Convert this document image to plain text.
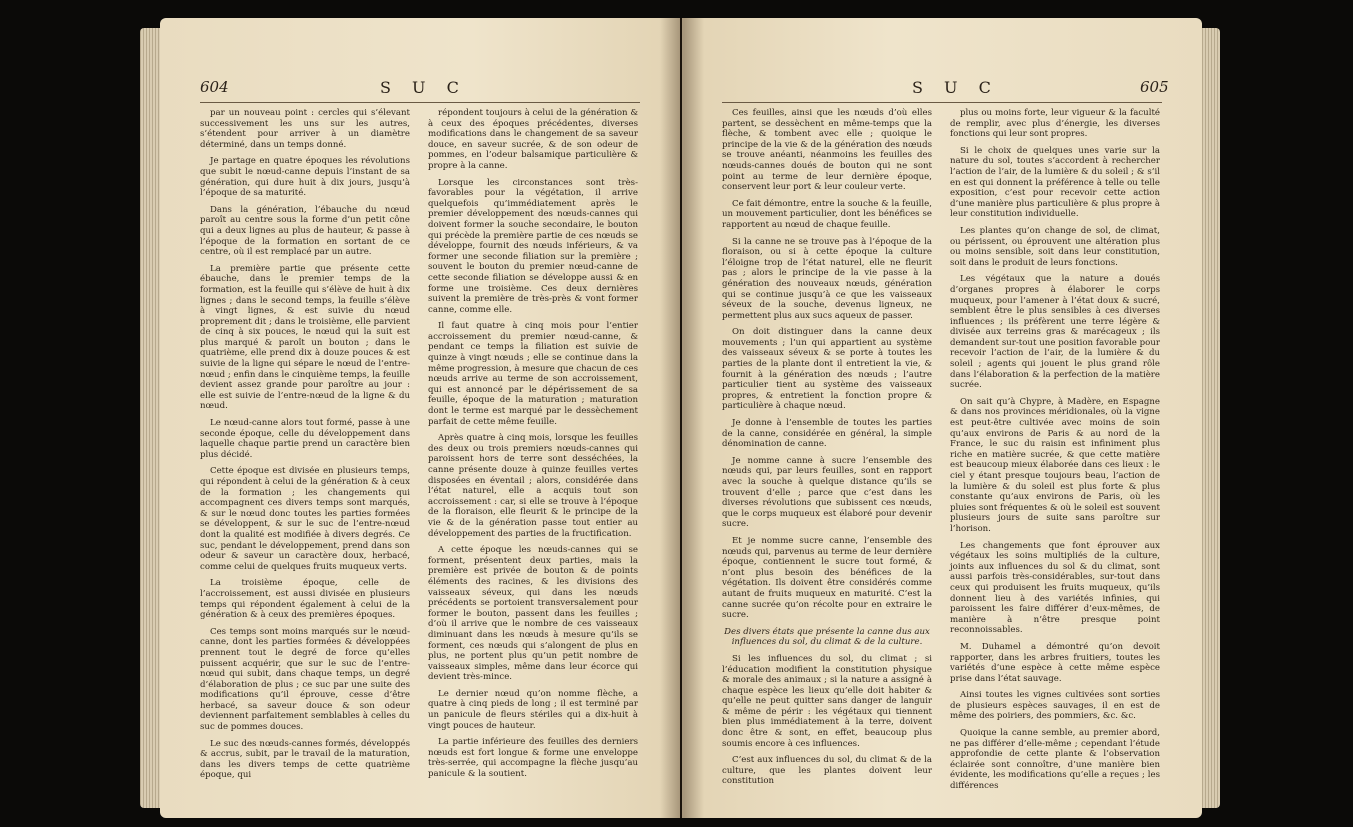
604	S U C

par un nouveau point : cercles qui s’élevant successivement les uns sur les autres, s’étendent pour arriver à un diamètre déterminé, dans un temps donné.

Je partage en quatre époques les révolutions que subit le nœud-canne depuis l’instant de sa génération, qui dure huit à dix jours, jusqu’à l’époque de sa maturité.

Dans la génération, l’ébauche du nœud paroît au centre sous la forme d’un petit cône qui a deux lignes au plus de hauteur, & passe à l’époque de la formation en sortant de ce centre, où il est remplacé par un autre.

La première partie que présente cette ébauche, dans le premier temps de la formation, est la feuille qui s’élève de huit à dix lignes ; dans le second temps, la feuille s’élève à vingt lignes, & est suivie du nœud proprement dit ; dans le troisième, elle parvient de cinq à six pouces, le nœud qui la suit est plus marqué & paroît un bouton ; dans le quatrième, elle prend dix à douze pouces & est suivie de la ligne qui sépare le nœud de l’entre-nœud ; enfin dans le cinquième temps, la feuille devient assez grande pour paroître au jour : elle est suivie de l’entre-nœud de la ligne & du nœud.

Le nœud-canne alors tout formé, passe à une seconde époque, celle du développement dans laquelle chaque partie prend un caractère bien plus décidé.

Cette époque est divisée en plusieurs temps, qui répondent à celui de la génération & à ceux de la formation ; les changements qui accompagnent ces divers temps sont marqués, & sur le nœud donc toutes les parties formées se développent, & sur le suc de l’entre-nœud dont la qualité est modifiée à divers degrés. Ce suc, pendant le développement, prend dans son odeur & saveur un caractère doux, herbacé, comme celui de quelques fruits muqueux verts.

La troisième époque, celle de l’accroissement, est aussi divisée en plusieurs temps qui répondent également à celui de la génération & à ceux des premières époques.

Ces temps sont moins marqués sur le nœud-canne, dont les parties formées & développées prennent tout le degré de force qu’elles puissent acquérir, que sur le suc de l’entre-nœud qui subit, dans chaque temps, un degré d’élaboration de plus ; ce suc par une suite des modifications qu’il éprouve, cesse d’être herbacé, sa saveur douce & son odeur deviennent parfaitement semblables à celles du suc de pommes douces.

Le suc des nœuds-cannes formés, développés & accrus, subit, par le travail de la maturation, dans les divers temps de cette quatrième époque, qui

répondent toujours à celui de la génération & à ceux des époques précédentes, diverses modifications dans le changement de sa saveur douce, en saveur sucrée, & de son odeur de pommes, en l’odeur balsamique particulière & propre à la canne.

Lorsque les circonstances sont très-favorables pour la végétation, il arrive quelquefois qu’immédiatement après le premier développement des nœuds-cannes qui doivent former la souche secondaire, le bouton qui précède la première partie de ces nœuds se développe, fournit des nœuds inférieurs, & va former une seconde filiation sur la première ; souvent le bouton du premier nœud-canne de cette seconde filiation se développe aussi & en forme une troisième. Ces deux dernières suivent la première de très-près & vont former canne, comme elle.

Il faut quatre à cinq mois pour l’entier accroissement du premier nœud-canne, & pendant ce temps la filiation est suivie de quinze à vingt nœuds ; elle se continue dans la même progression, à mesure que chacun de ces nœuds arrive au terme de son accroissement, qui est annoncé par le dépérissement de sa feuille, époque de la maturation ; maturation dont le terme est marqué par le dessèchement parfait de cette même feuille.

Après quatre à cinq mois, lorsque les feuilles des deux ou trois premiers nœuds-cannes qui paroissent hors de terre sont desséchées, la canne présente douze à quinze feuilles vertes disposées en éventail ; alors, considérée dans l’état naturel, elle a acquis tout son accroissement : car, si elle se trouve à l’époque de la floraison, elle fleurit & le principe de la vie & de la génération passe tout entier au développement des parties de la fructification.

A cette époque les nœuds-cannes qui se forment, présentent deux parties, mais la première est privée de bouton & de points éléments des racines, & les divisions des vaisseaux séveux, qui dans les nœuds précédents se portoient transversalement pour former le bouton, passent dans les feuilles ; d’où il arrive que le nombre de ces vaisseaux diminuant dans les nœuds à mesure qu’ils se forment, ces nœuds qui s’alongent de plus en plus, ne portent plus qu’un petit nombre de vaisseaux simples, même dans leur écorce qui devient très-mince.

Le dernier nœud qu’on nomme flèche, a quatre à cinq pieds de long ; il est terminé par un panicule de fleurs stériles qui a dix-huit à vingt pouces de hauteur.

La partie inférieure des feuilles des derniers nœuds est fort longue & forme une enveloppe très-serrée, qui accompagne la flèche jusqu’au panicule & la soutient.

S U C	605

Ces feuilles, ainsi que les nœuds d’où elles partent, se dessèchent en même-temps que la flèche, & tombent avec elle ; quoique le principe de la vie & de la génération des nœuds se trouve anéanti, néanmoins les feuilles des nœuds-cannes doués de bouton qui ne sont point au terme de leur dernière époque, conservent leur port & leur couleur verte.

Ce fait démontre, entre la souche & la feuille, un mouvement particulier, dont les bénéfices se rapportent au nœud de chaque feuille.

Si la canne ne se trouve pas à l’époque de la floraison, ou si à cette époque la culture l’éloigne trop de l’état naturel, elle ne fleurit pas ; alors le principe de la vie passe à la génération des nouveaux nœuds, génération qui se continue jusqu’à ce que les vaisseaux séveux de la souche, devenus ligneux, ne permettent plus aux sucs aqueux de passer.

On doit distinguer dans la canne deux mouvements ; l’un qui appartient au système des vaisseaux séveux & se porte à toutes les parties de la plante dont il entretient la vie, & fournit à la génération des nœuds ; l’autre particulier tient au système des vaisseaux propres, & entretient la fonction propre & particulière à chaque nœud.

Je donne à l’ensemble de toutes les parties de la canne, considérée en général, la simple dénomination de canne.

Je nomme canne à sucre l’ensemble des nœuds qui, par leurs feuilles, sont en rapport avec la souche à quelque distance qu’ils se trouvent d’elle ; parce que c’est dans les diverses révolutions que subissent ces nœuds, que le corps muqueux est élaboré pour devenir sucre.

Et je nomme sucre canne, l’ensemble des nœuds qui, parvenus au terme de leur dernière époque, contiennent le sucre tout formé, & n’ont plus besoin des bénéfices de la végétation. Ils doivent être considérés comme autant de fruits muqueux en maturité. C’est la canne sucrée qu’on récolte pour en extraire le sucre.

Des divers états que présente la canne dus aux influences du sol, du climat & de la culture.

Si les influences du sol, du climat ; si l’éducation modifient la constitution physique & morale des animaux ; si la nature a assigné à chaque espèce les lieux qu’elle doit habiter & qu’elle ne peut quitter sans danger de languir & même de périr : les végétaux qui tiennent bien plus immédiatement à la terre, doivent donc être & sont, en effet, beaucoup plus soumis encore à ces influences.

C’est aux influences du sol, du climat & de la culture, que les plantes doivent leur constitution

plus ou moins forte, leur vigueur & la faculté de remplir, avec plus d’énergie, les diverses fonctions qui leur sont propres.

Si le choix de quelques unes varie sur la nature du sol, toutes s’accordent à rechercher l’action de l’air, de la lumière & du soleil ; & s’il en est qui donnent la préférence à telle ou telle exposition, c’est pour recevoir cette action d’une manière plus particulière & plus propre à leur constitution individuelle.

Les plantes qu’on change de sol, de climat, ou périssent, ou éprouvent une altération plus ou moins sensible, soit dans leur constitution, soit dans le produit de leurs fonctions.

Les végétaux que la nature a doués d’organes propres à élaborer le corps muqueux, pour l’amener à l’état doux & sucré, semblent être le plus sensibles à ces diverses influences ; ils préfèrent une terre légère & divisée aux terreins gras & marécageux ; ils demandent sur-tout une position favorable pour recevoir l’action de l’air, de la lumière & du soleil ; agents qui jouent le plus grand rôle dans l’élaboration & la perfection de la matière sucrée.

On sait qu’à Chypre, à Madère, en Espagne & dans nos provinces méridionales, où la vigne est peut-être cultivée avec moins de soin qu’aux environs de Paris & au nord de la France, le suc du raisin est infiniment plus riche en matière sucrée, & que cette matière est beaucoup mieux élaborée dans ces lieux : le ciel y étant presque toujours beau, l’action de la lumière & du soleil est plus forte & plus constante qu’aux environs de Paris, où les pluies sont fréquentes & où le soleil est souvent plusieurs jours de suite sans paroître sur l’horison.

Les changements que font éprouver aux végétaux les soins multipliés de la culture, joints aux influences du sol & du climat, sont aussi parfois très-considérables, sur-tout dans ceux qui produisent les fruits muqueux, qu’ils donnent lieu à des variétés infinies, qui paroissent les faire différer d’eux-mêmes, de manière à n’être presque point reconnoissables.

M. Duhamel a démontré qu’on devoit rapporter, dans les arbres fruitiers, toutes les variétés d’une espèce à cette même espèce prise dans l’état sauvage.

Ainsi toutes les vignes cultivées sont sorties de plusieurs espèces sauvages, il en est de même des poiriers, des pommiers, &c. &c.

Quoique la canne semble, au premier abord, ne pas différer d’elle-même ; cependant l’étude approfondie de cette plante & l’observation éclairée sont connoître, d’une manière bien évidente, les modifications qu’elle a reçues ; les différences
